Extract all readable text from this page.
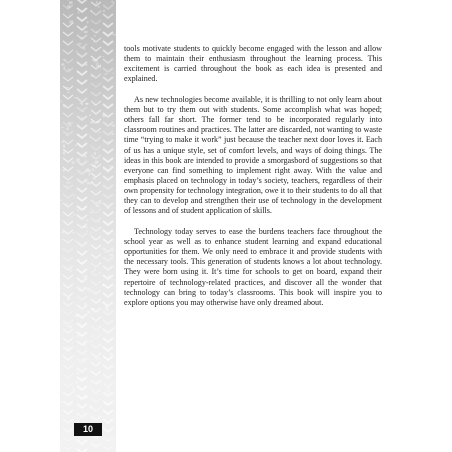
10

tools motivate students to quickly become engaged with the lesson and allow them to maintain their enthusiasm throughout the learning process. This excitement is carried throughout the book as each idea is presented and explained.

As new technologies become available, it is thrilling to not only learn about them but to try them out with students. Some accomplish what was hoped; others fall far short. The former tend to be incorporated regularly into classroom routines and practices. The latter are discarded, not wanting to waste time “trying to make it work” just because the teacher next door loves it. Each of us has a unique style, set of comfort levels, and ways of doing things. The ideas in this book are intended to provide a smorgasbord of suggestions so that everyone can find something to implement right away. With the value and emphasis placed on technology in today’s society, teachers, regardless of their own propensity for technology integration, owe it to their students to do all that they can to develop and strengthen their use of technology in the development of lessons and of student application of skills.

Technology today serves to ease the burdens teachers face throughout the school year as well as to enhance student learning and expand educational opportunities for them. We only need to embrace it and provide students with the necessary tools. This generation of students knows a lot about technology. They were born using it. It’s time for schools to get on board, expand their repertoire of technology-related practices, and discover all the wonder that technology can bring to today’s classrooms. This book will inspire you to explore options you may otherwise have only dreamed about.
